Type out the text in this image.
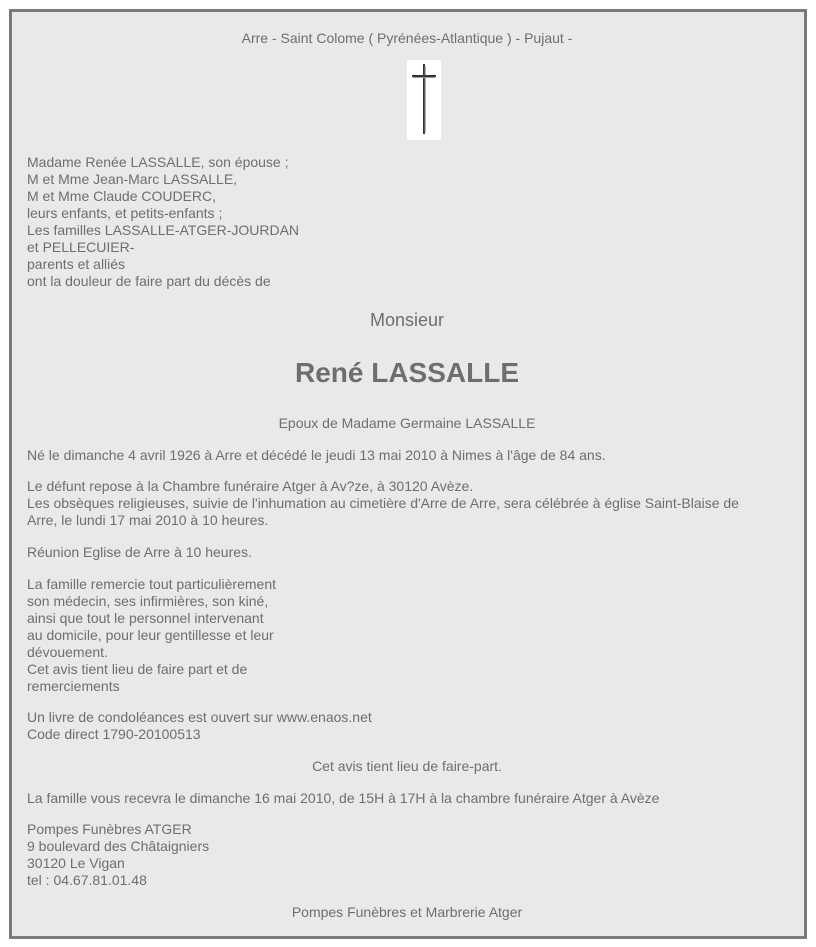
Arre - Saint Colome ( Pyrénées-Atlantique ) - Pujaut -
Madame Renée LASSALLE, son épouse ;
M et Mme Jean-Marc LASSALLE,
M et Mme Claude COUDERC,
leurs enfants, et petits-enfants ;
Les familles LASSALLE-ATGER-JOURDAN
et PELLECUIER-
parents et alliés
ont la douleur de faire part du décès de
Monsieur
René LASSALLE
Epoux de Madame Germaine LASSALLE
Né le dimanche 4 avril 1926 à Arre et décédé le jeudi 13 mai 2010 à Nimes à l'âge de 84 ans.
Le défunt repose à la Chambre funéraire Atger à Av?ze, à 30120 Avèze.
Les obsèques religieuses, suivie de l'inhumation au cimetière d'Arre de Arre, sera célébrée à église Saint-Blaise de
Arre, le lundi 17 mai 2010 à 10 heures.
Réunion Eglise de Arre à 10 heures.
La famille remercie tout particulièrement
son médecin, ses infirmières, son kiné,
ainsi que tout le personnel intervenant
au domicile, pour leur gentillesse et leur
dévouement.
Cet avis tient lieu de faire part et de
remerciements
Un livre de condoléances est ouvert sur www.enaos.net
Code direct 1790-20100513
Cet avis tient lieu de faire-part.
La famille vous recevra le dimanche 16 mai 2010, de 15H à 17H à la chambre funéraire Atger à Avèze
Pompes Funèbres ATGER
9 boulevard des Châtaigniers
30120 Le Vigan
tel : 04.67.81.01.48
Pompes Funèbres et Marbrerie Atger
